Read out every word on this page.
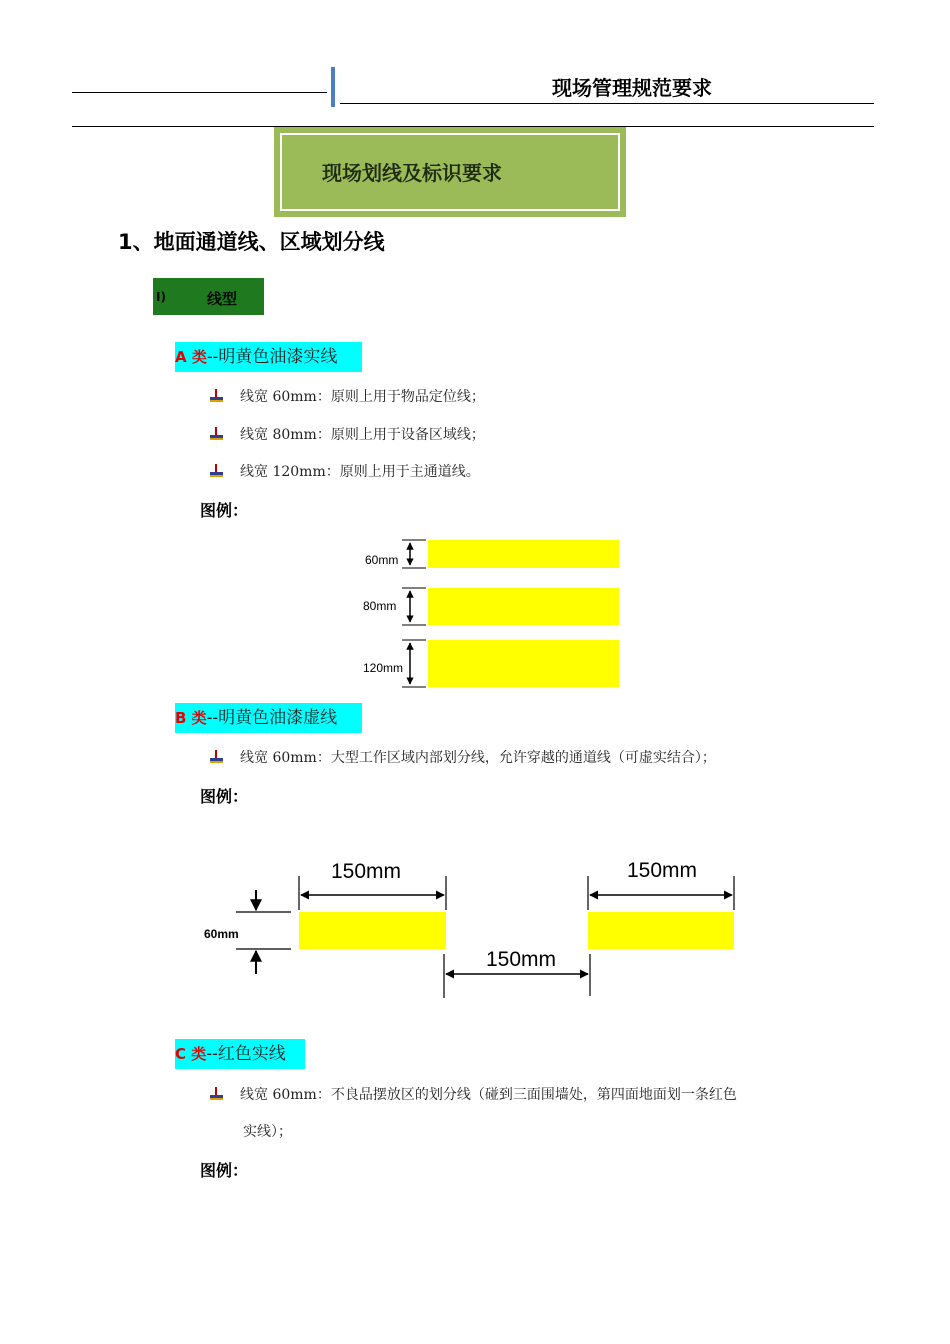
现场管理规范要求
现场划线及标识要求
1、地面通道线、区域划分线
I)	线型
A 类--明黄色油漆实线
线宽 60mm：原则上用于物品定位线；
线宽 80mm：原则上用于设备区域线；
线宽 120mm：原则上用于主通道线。
图例：
60mm
80mm
120mm
B 类--明黄色油漆虚线
线宽 60mm：大型工作区域内部划分线，允许穿越的通道线（可虚实结合）；
图例：
150mm	150mm
150mm
60mm
C 类--红色实线
线宽 60mm：不良品摆放区的划分线（碰到三面围墙处，第四面地面划一条红色
实线）；
图例：
